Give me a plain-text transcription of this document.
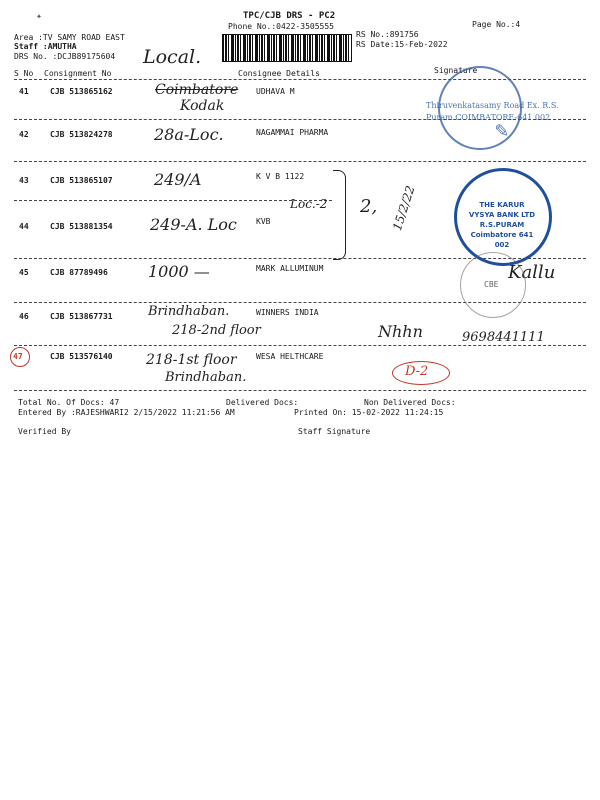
TPC/CJB DRS - PC2
Phone No.:0422-3505555	Page No.:4
Area :TV SAMY ROAD EAST
Staff :AMUTHA
DRS No. :DCJB89175604
RS No.:891756
RS Date:15-Feb-2022
Local.
✦
S No Consignment No	Consignee Details	Signature
41	CJB 513865162	UDHAVA M
Coimbatore
Kodak
42	CJB 513824278	NAGAMMAI PHARMA
28a-Loc.
43	CJB 513865107	K V B 1122
249/A
44	CJB 513881354
KVB
249-A. Loc
Loc.-2 2, 15/2/22
45	CJB 87789496	MARK ALLUMINUM
1000 —	Kallu
46	CJB 513867731	WINNERS INDIA
Brindhaban.
218-2nd floor	Nhhn	9698441111
47	CJB 513576140	WESA HELTHCARE
218-1st floor
Brindhaban.	D-2
Thiruvenkatasamy Road Ex. R.S. Puram COIMBATORE-641 002
✎
THE KARUR VYSYA BANK LTD R.S.PURAM Coimbatore 641 002
CBE
Total No. Of Docs: 47	Delivered Docs:	Non Delivered Docs:
Entered By :RAJESHWARI2 2/15/2022 11:21:56 AM	Printed On: 15-02-2022 11:24:15
Verified By	Staff Signature
